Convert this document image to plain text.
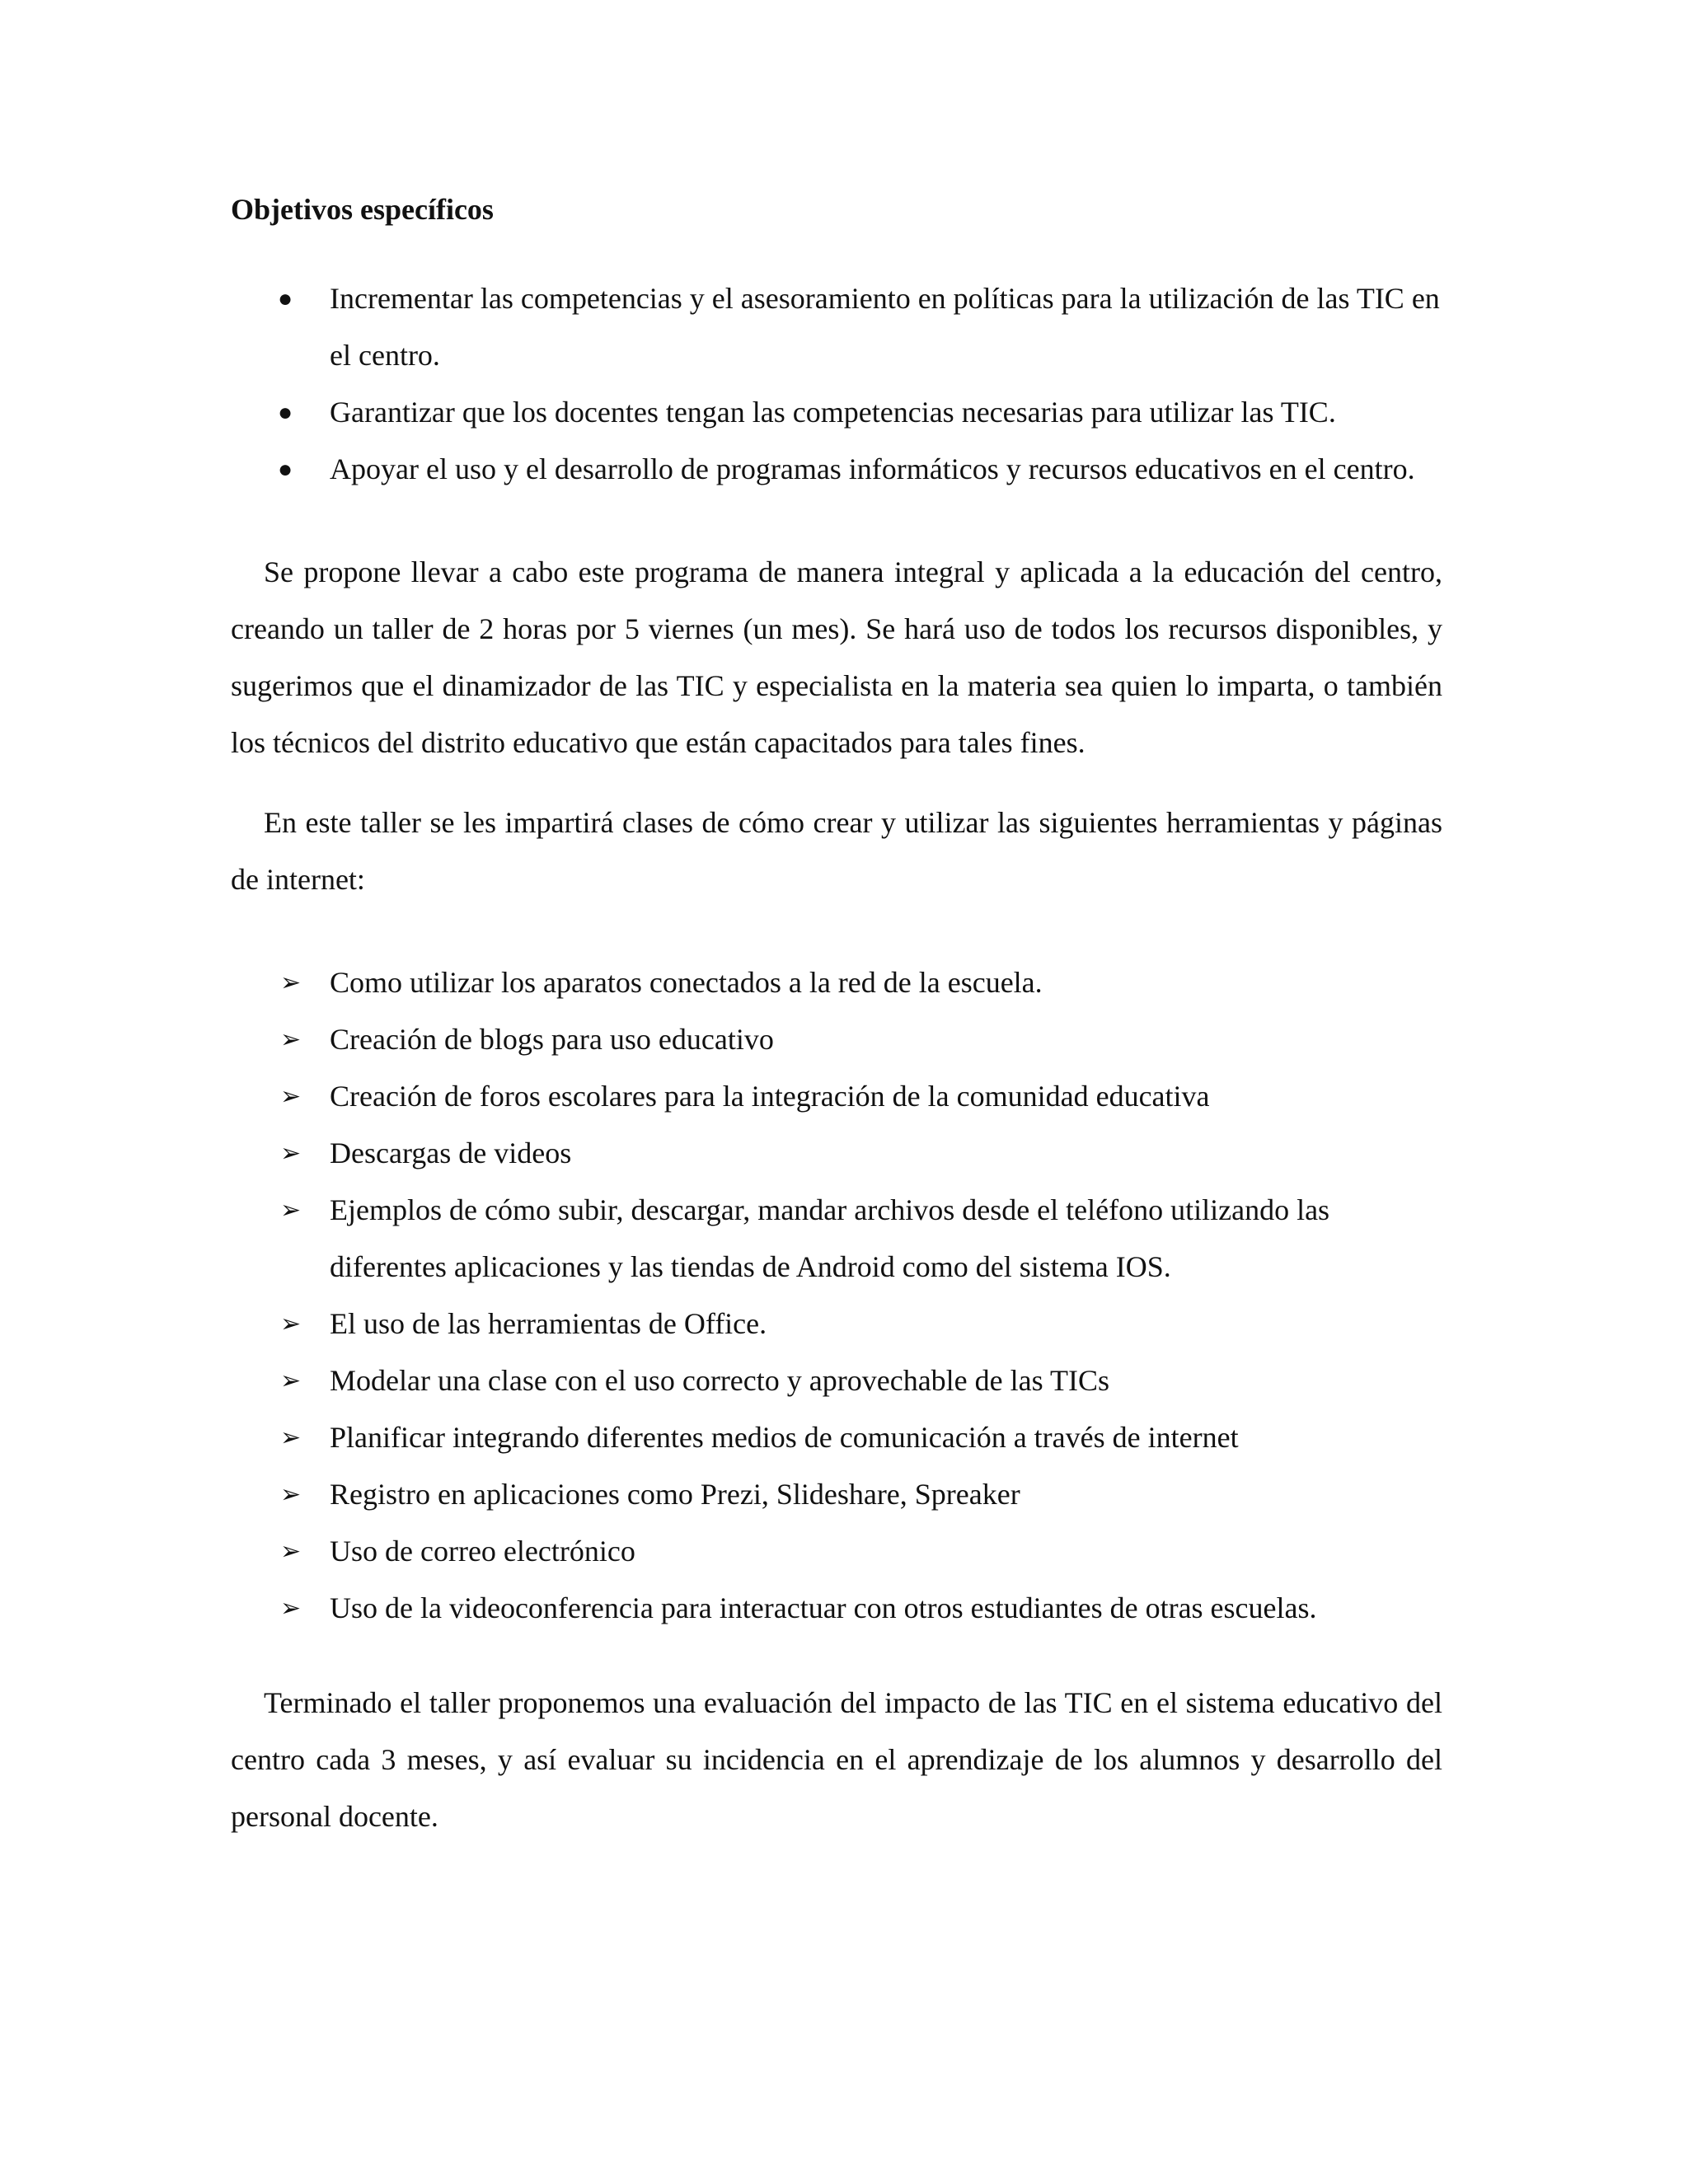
Objetivos específicos
● Incrementar las competencias y el asesoramiento en políticas para la utilización de las TIC en el centro.
● Garantizar que los docentes tengan las competencias necesarias para utilizar las TIC.
● Apoyar el uso y el desarrollo de programas informáticos y recursos educativos en el centro.

Se propone llevar a cabo este programa de manera integral y aplicada a la educación del centro, creando un taller de 2 horas por 5 viernes (un mes). Se hará uso de todos los recursos disponibles, y sugerimos que el dinamizador de las TIC y especialista en la materia sea quien lo imparta, o también los técnicos del distrito educativo que están capacitados para tales fines.

En este taller se les impartirá clases de cómo crear y utilizar las siguientes herramientas y páginas de internet:

➢ Como utilizar los aparatos conectados a la red de la escuela.
➢ Creación de blogs para uso educativo
➢ Creación de foros escolares para la integración de la comunidad educativa
➢ Descargas de videos
➢ Ejemplos de cómo subir, descargar, mandar archivos desde el teléfono utilizando las diferentes aplicaciones y las tiendas de Android como del sistema IOS.
➢ El uso de las herramientas de Office.
➢ Modelar una clase con el uso correcto y aprovechable de las TICs
➢ Planificar integrando diferentes medios de comunicación a través de internet
➢ Registro en aplicaciones como Prezi, Slideshare, Spreaker
➢ Uso de correo electrónico
➢ Uso de la videoconferencia para interactuar con otros estudiantes de otras escuelas.

Terminado el taller proponemos una evaluación del impacto de las TIC en el sistema educativo del centro cada 3 meses, y así evaluar su incidencia en el aprendizaje de los alumnos y desarrollo del personal docente.
